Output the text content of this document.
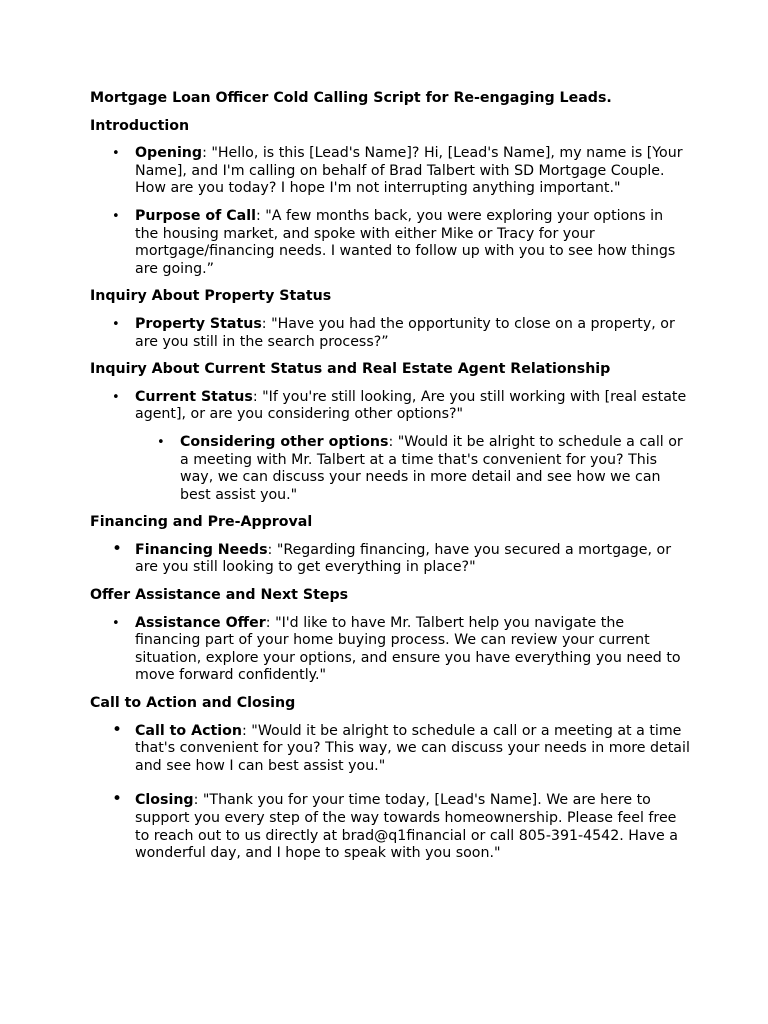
Mortgage Loan Officer Cold Calling Script for Re-engaging Leads.
Introduction
• Opening: "Hello, is this [Lead's Name]? Hi, [Lead's Name], my name is [Your Name], and I'm calling on behalf of Brad Talbert with SD Mortgage Couple. How are you today? I hope I'm not interrupting anything important."
• Purpose of Call: "A few months back, you were exploring your options in the housing market, and spoke with either Mike or Tracy for your mortgage/financing needs. I wanted to follow up with you to see how things are going.”
Inquiry About Property Status
• Property Status: "Have you had the opportunity to close on a property, or are you still in the search process?”
Inquiry About Current Status and Real Estate Agent Relationship
• Current Status: "If you're still looking, Are you still working with [real estate agent], or are you considering other options?"
• Considering other options: "Would it be alright to schedule a call or a meeting with Mr. Talbert at a time that's convenient for you? This way, we can discuss your needs in more detail and see how we can best assist you."
Financing and Pre-Approval
• Financing Needs: "Regarding financing, have you secured a mortgage, or are you still looking to get everything in place?"
Offer Assistance and Next Steps
• Assistance Offer: "I'd like to have Mr. Talbert help you navigate the financing part of your home buying process. We can review your current situation, explore your options, and ensure you have everything you need to move forward confidently."
Call to Action and Closing
• Call to Action: "Would it be alright to schedule a call or a meeting at a time that's convenient for you? This way, we can discuss your needs in more detail and see how I can best assist you."
• Closing: "Thank you for your time today, [Lead's Name]. We are here to support you every step of the way towards homeownership. Please feel free to reach out to us directly at brad@q1financial or call 805-391-4542. Have a wonderful day, and I hope to speak with you soon."
